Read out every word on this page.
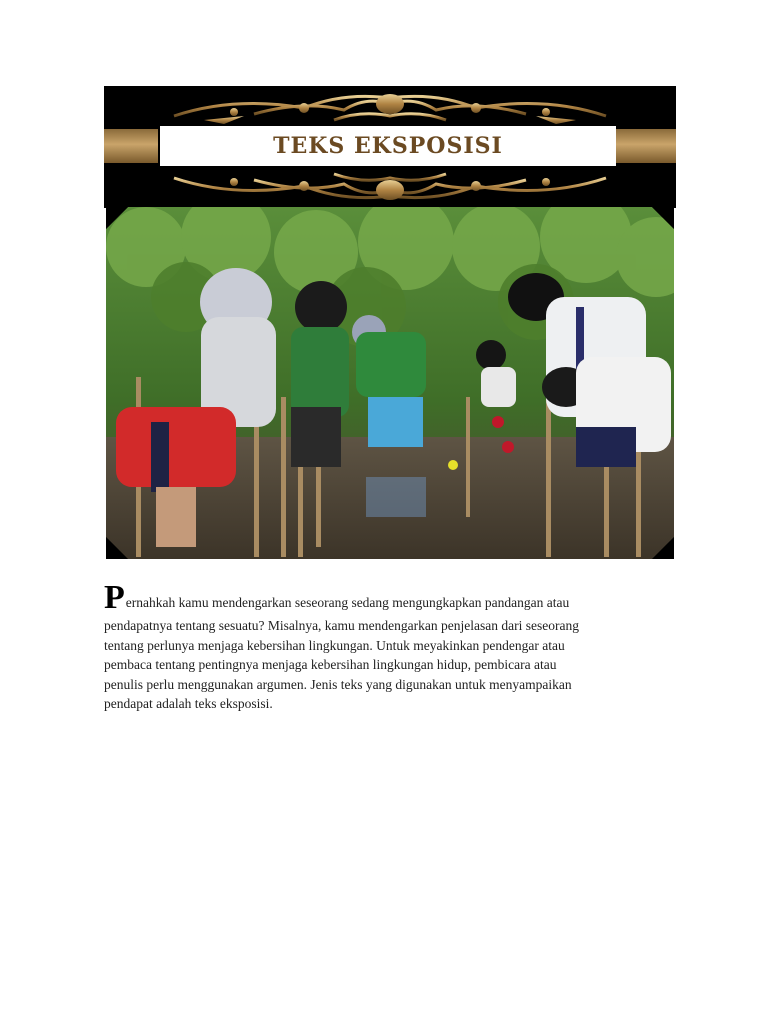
TEKS EKSPOSISI
P ernahkah kamu mendengarkan seseorang sedang mengungkapkan pandangan atau

pendapatnya tentang sesuatu? Misalnya, kamu mendengarkan penjelasan dari seseorang

tentang perlunya menjaga kebersihan lingkungan. Untuk meyakinkan pendengar atau

pembaca tentang pentingnya menjaga kebersihan lingkungan hidup, pembicara atau

penulis perlu menggunakan argumen. Jenis teks yang digunakan untuk menyampaikan

pendapat adalah teks eksposisi.
